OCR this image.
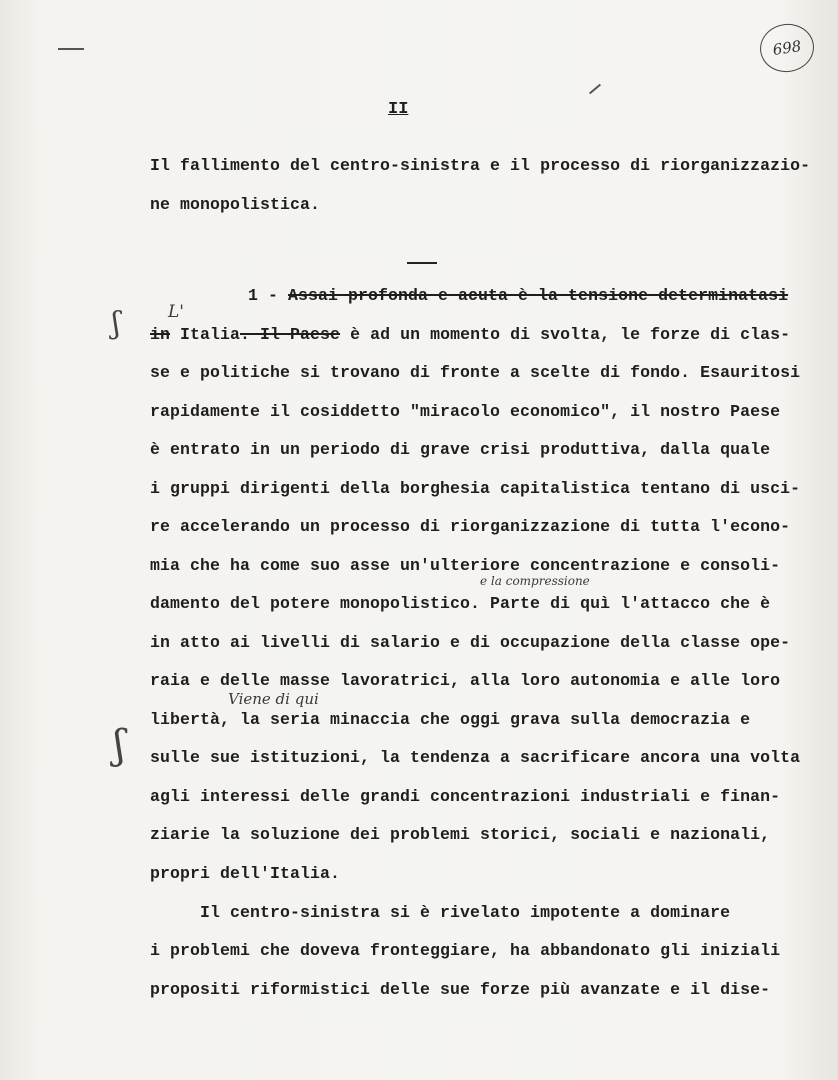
698
II
Il fallimento del centro-sinistra e il processo di riorganizzazio-
ne monopolistica.
1 - Assai profonda e acuta è la tensione determinatasi
in Italia. Il Paese è ad un momento di svolta, le forze di clas-
se e politiche si trovano di fronte a scelte di fondo. Esauritosi
rapidamente il cosiddetto "miracolo economico", il nostro Paese
è entrato in un periodo di grave crisi produttiva, dalla quale
i gruppi dirigenti della borghesia capitalistica tentano di usci-
re accelerando un processo di riorganizzazione di tutta l'econo-
mia che ha come suo asse un'ulteriore concentrazione e consoli-
damento del potere monopolistico. Parte di quì l'attacco che è
in atto ai livelli di salario e di occupazione della classe ope-
raia e delle masse lavoratrici, alla loro autonomia e alle loro
libertà, la seria minaccia che oggi grava sulla democrazia e
sulle sue istituzioni, la tendenza a sacrificare ancora una volta
agli interessi delle grandi concentrazioni industriali e finan-
ziarie la soluzione dei problemi storici, sociali e nazionali,
propri dell'Italia.
Il centro-sinistra si è rivelato impotente a dominare
i problemi che doveva fronteggiare, ha abbandonato gli iniziali
propositi riformistici delle sue forze più avanzate e il dise-
L'
e la compressione
Viene di qui
ʃ
ʃ
